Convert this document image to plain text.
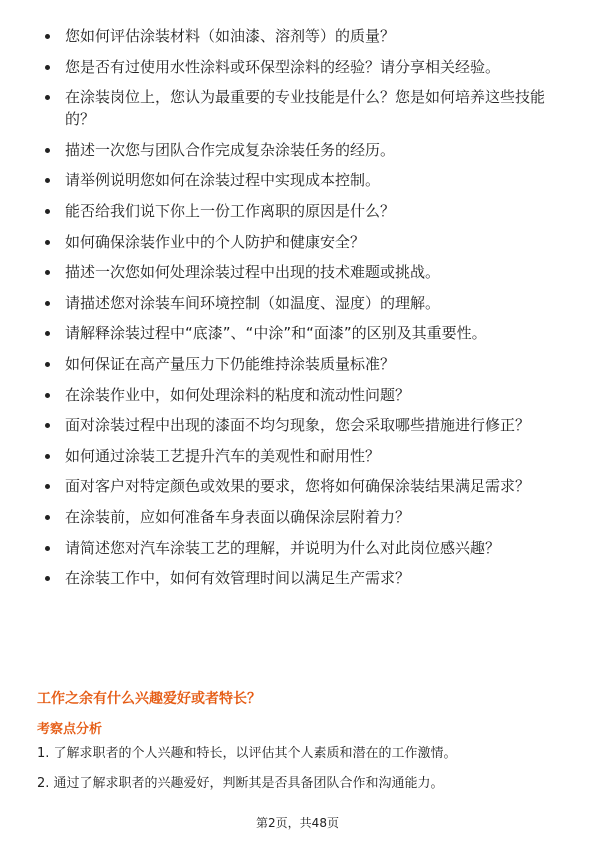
您如何评估涂装材料（如油漆、溶剂等）的质量？
您是否有过使用水性涂料或环保型涂料的经验？请分享相关经验。
在涂装岗位上，您认为最重要的专业技能是什么？您是如何培养这些技能的？
描述一次您与团队合作完成复杂涂装任务的经历。
请举例说明您如何在涂装过程中实现成本控制。
能否给我们说下你上一份工作离职的原因是什么？
如何确保涂装作业中的个人防护和健康安全？
描述一次您如何处理涂装过程中出现的技术难题或挑战。
请描述您对涂装车间环境控制（如温度、湿度）的理解。
请解释涂装过程中“底漆”、“中涂”和“面漆”的区别及其重要性。
如何保证在高产量压力下仍能维持涂装质量标准？
在涂装作业中，如何处理涂料的粘度和流动性问题？
面对涂装过程中出现的漆面不均匀现象，您会采取哪些措施进行修正？
如何通过涂装工艺提升汽车的美观性和耐用性？
面对客户对特定颜色或效果的要求，您将如何确保涂装结果满足需求？
在涂装前，应如何准备车身表面以确保涂层附着力？
请简述您对汽车涂装工艺的理解，并说明为什么对此岗位感兴趣？
在涂装工作中，如何有效管理时间以满足生产需求？
工作之余有什么兴趣爱好或者特长？
考察点分析
1. 了解求职者的个人兴趣和特长，以评估其个人素质和潜在的工作激情。
2. 通过了解求职者的兴趣爱好，判断其是否具备团队合作和沟通能力。
第2页，共48页
